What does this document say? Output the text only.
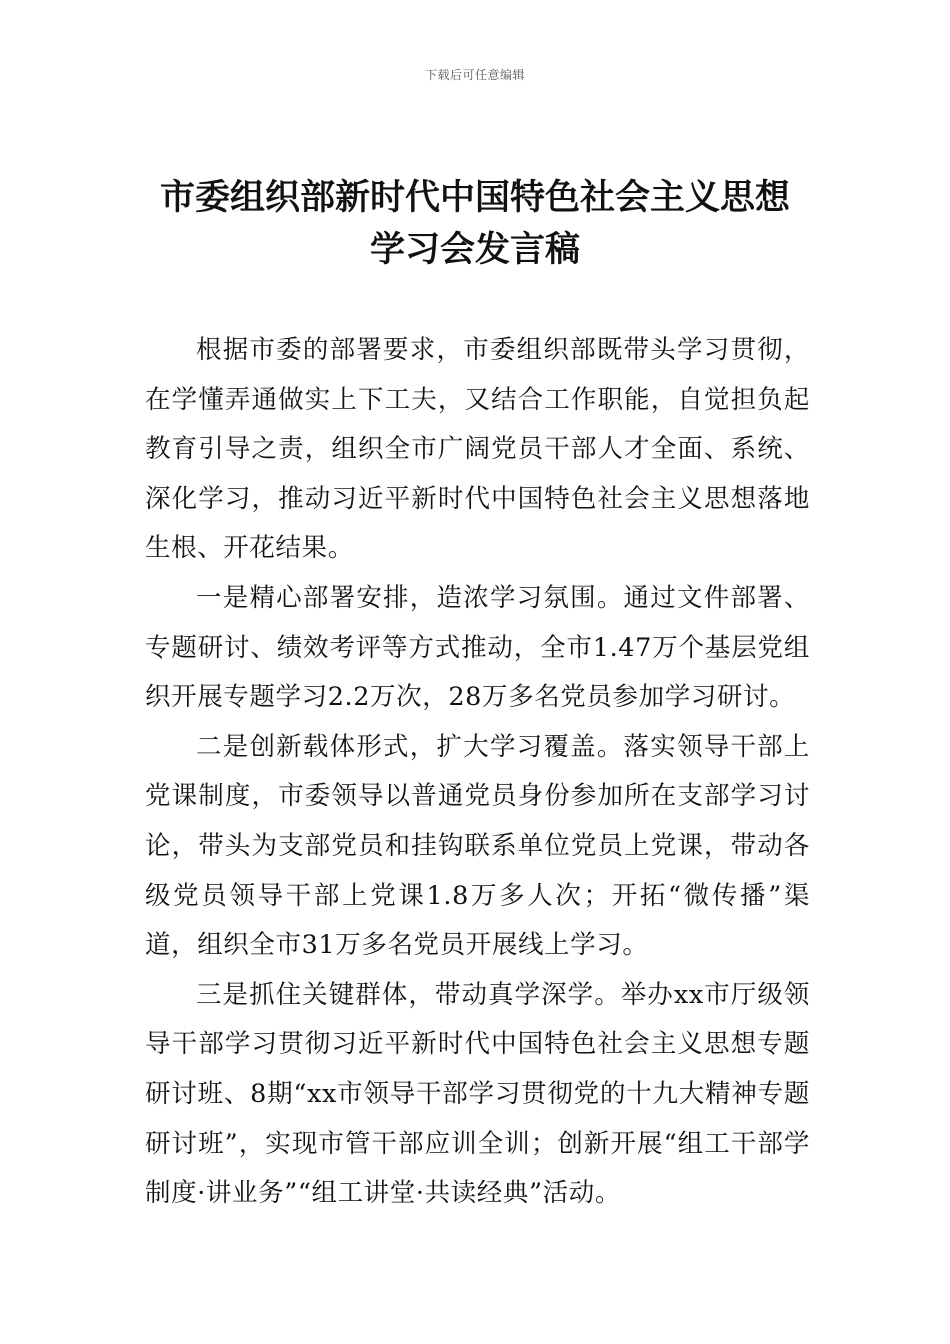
下载后可任意编辑
市委组织部新时代中国特色社会主义思想
学习会发言稿

根据市委的部署要求，市委组织部既带头学习贯彻，在学懂弄通做实上下工夫，又结合工作职能，自觉担负起教育引导之责，组织全市广阔党员干部人才全面、系统、深化学习，推动习近平新时代中国特色社会主义思想落地生根、开花结果。

一是精心部署安排，造浓学习氛围。通过文件部署、专题研讨、绩效考评等方式推动，全市1.47万个基层党组织开展专题学习2.2万次，28万多名党员参加学习研讨。

二是创新载体形式，扩大学习覆盖。落实领导干部上党课制度，市委领导以普通党员身份参加所在支部学习讨论，带头为支部党员和挂钩联系单位党员上党课，带动各级党员领导干部上党课1.8万多人次；开拓“微传播”渠道，组织全市31万多名党员开展线上学习。

三是抓住关键群体，带动真学深学。举办xx市厅级领导干部学习贯彻习近平新时代中国特色社会主义思想专题研讨班、8期“xx市领导干部学习贯彻党的十九大精神专题研讨班”，实现市管干部应训全训；创新开展“组工干部学制度·讲业务”“组工讲堂·共读经典”活动。
